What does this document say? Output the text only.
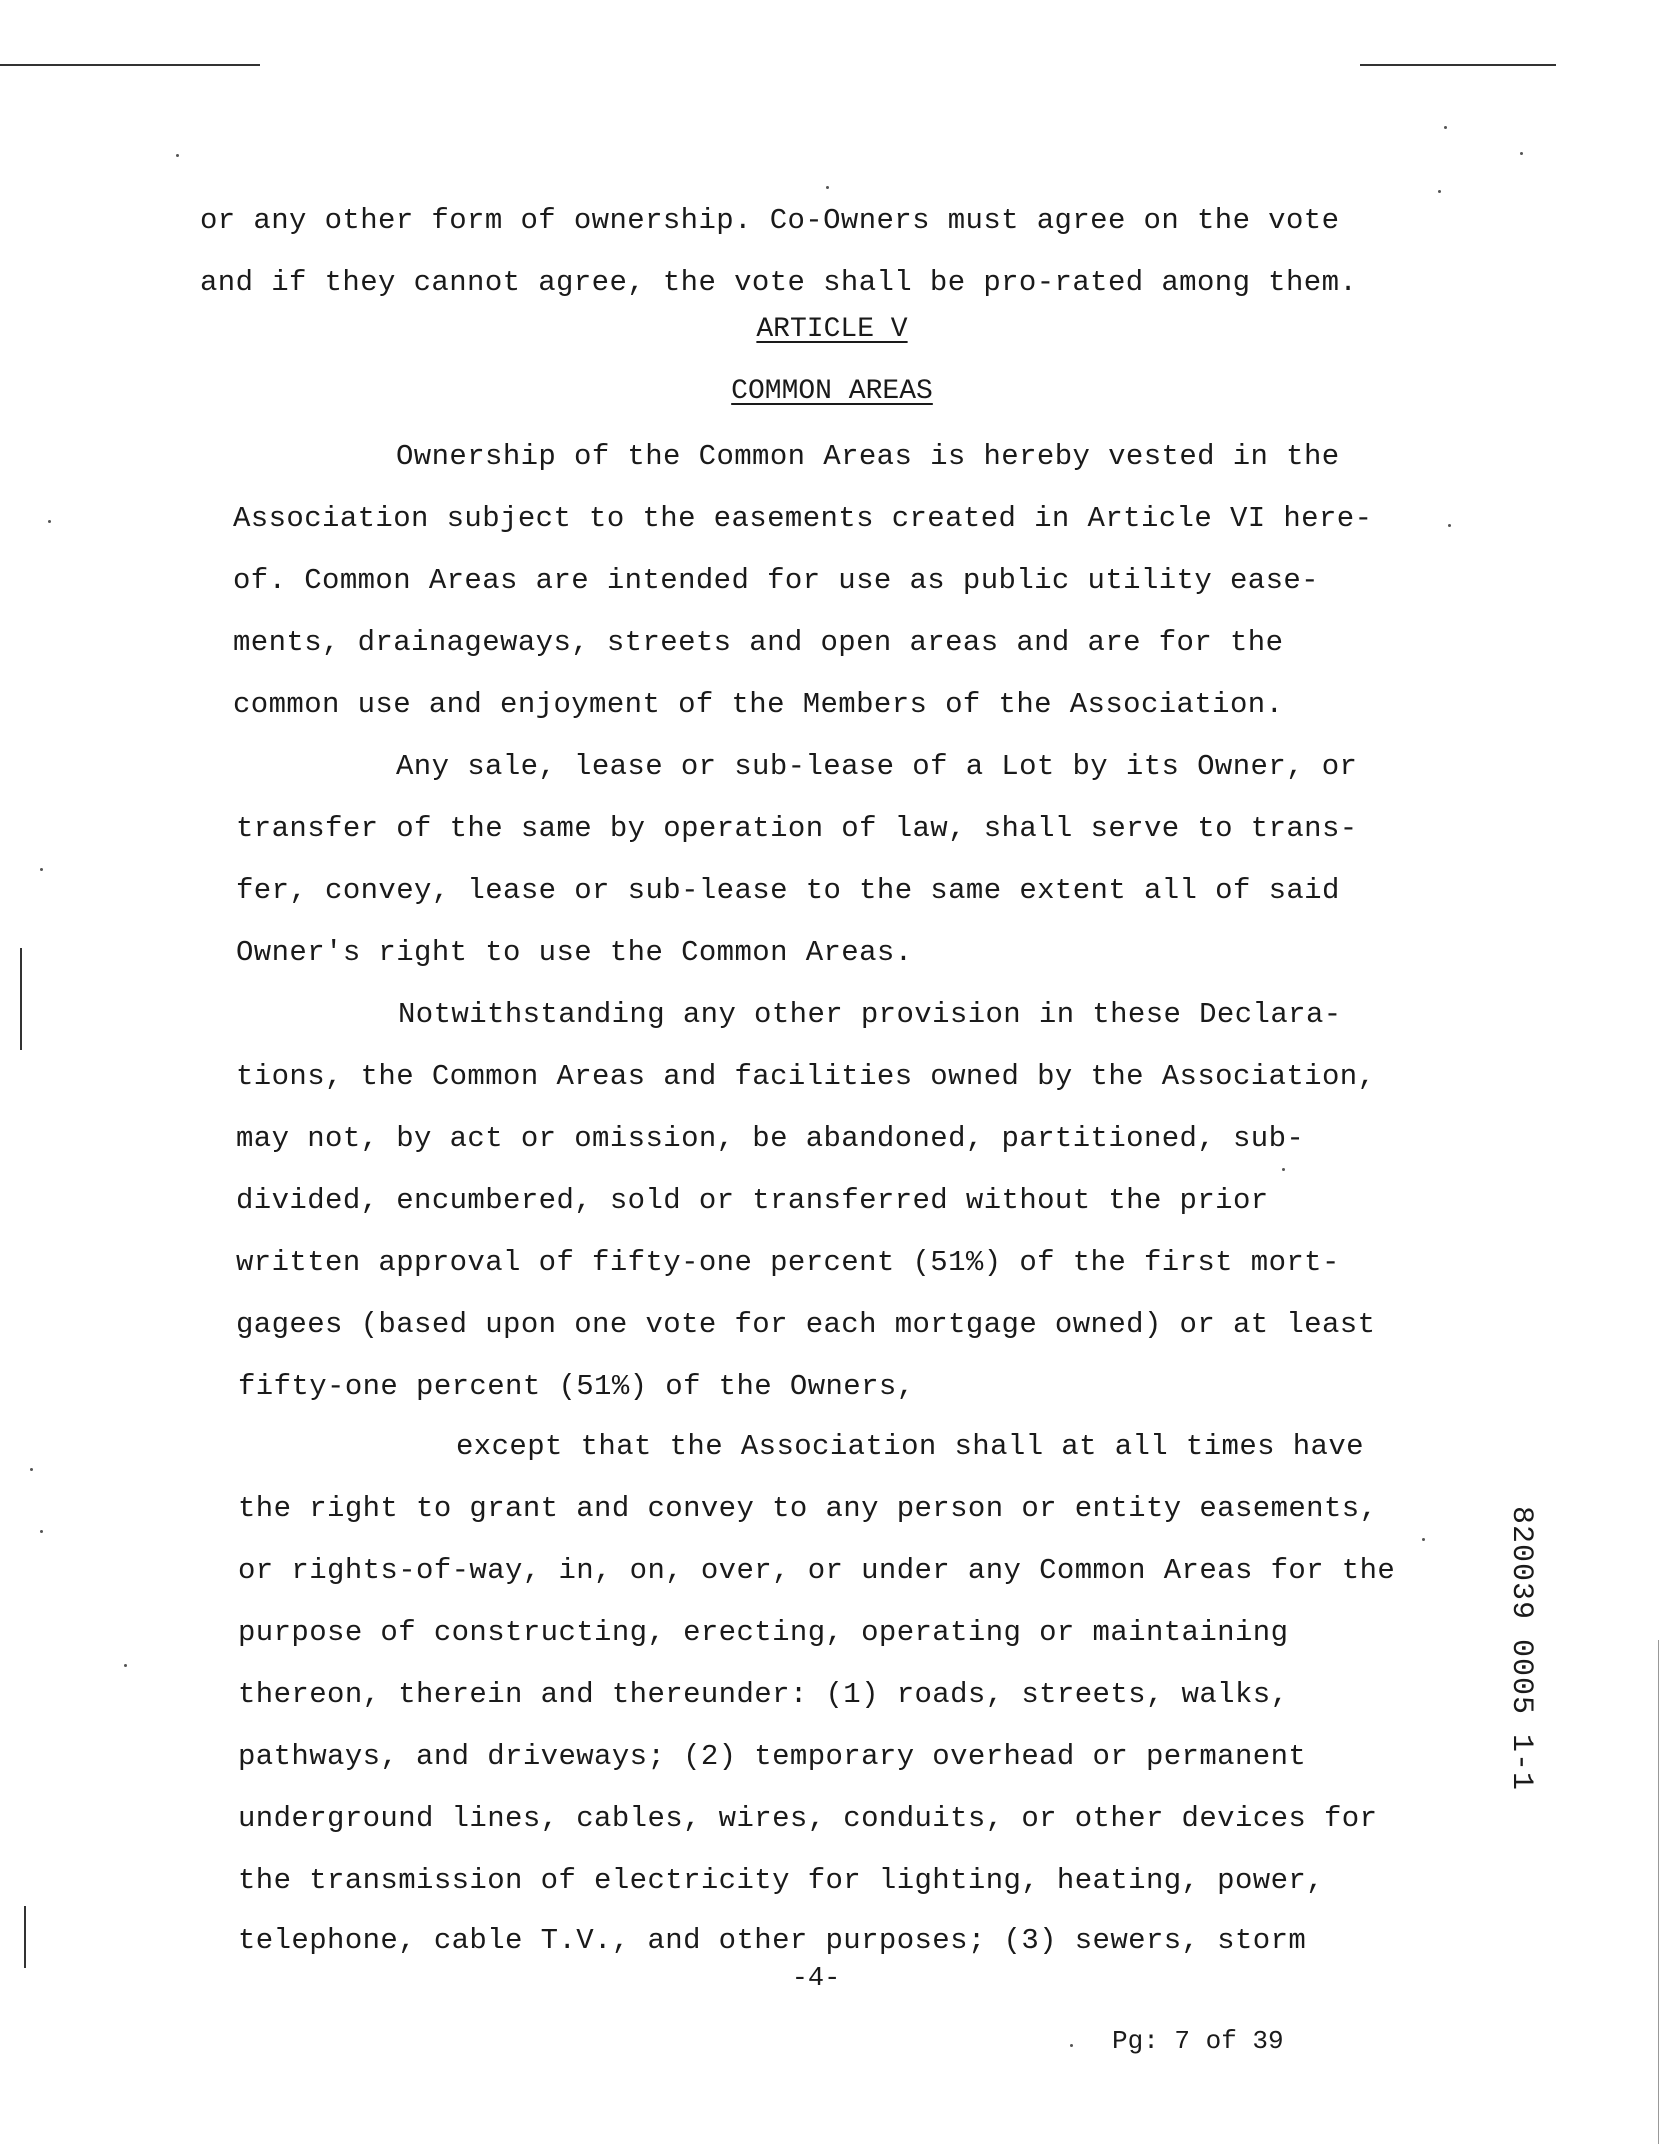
or any other form of ownership. Co-Owners must agree on the vote
and if they cannot agree, the vote shall be pro-rated among them.
ARTICLE V
COMMON AREAS
Ownership of the Common Areas is hereby vested in the
Association subject to the easements created in Article VI here-
of. Common Areas are intended for use as public utility ease-
ments, drainageways, streets and open areas and are for the
common use and enjoyment of the Members of the Association.
Any sale, lease or sub-lease of a Lot by its Owner, or
transfer of the same by operation of law, shall serve to trans-
fer, convey, lease or sub-lease to the same extent all of said
Owner's right to use the Common Areas.
Notwithstanding any other provision in these Declara-
tions, the Common Areas and facilities owned by the Association,
may not, by act or omission, be abandoned, partitioned, sub-
divided, encumbered, sold or transferred without the prior
written approval of fifty-one percent (51%) of the first mort-
gagees (based upon one vote for each mortgage owned) or at least
fifty-one percent (51%) of the Owners,
except that the Association shall at all times have
the right to grant and convey to any person or entity easements,
or rights-of-way, in, on, over, or under any Common Areas for the
purpose of constructing, erecting, operating or maintaining
thereon, therein and thereunder: (1) roads, streets, walks,
pathways, and driveways; (2) temporary overhead or permanent
underground lines, cables, wires, conduits, or other devices for
the transmission of electricity for lighting, heating, power,
telephone, cable T.V., and other purposes; (3) sewers, storm
-4-
Pg: 7 of 39
820039 0005 1-1
